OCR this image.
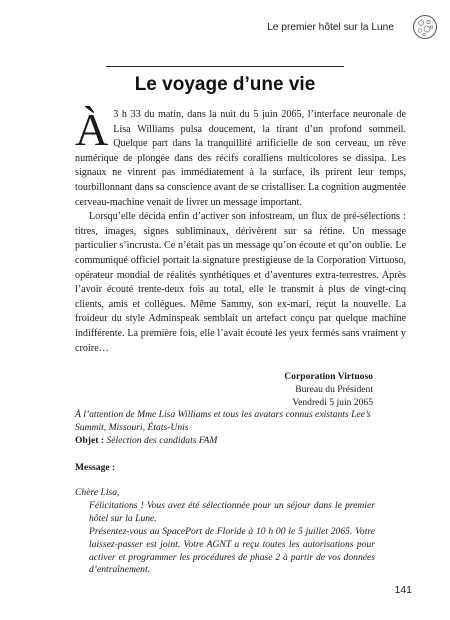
Le premier hôtel sur la Lune
Le voyage d’une vie

À 3 h 33 du matin, dans la nuit du 5 juin 2065, l’interface neuronale de Lisa Williams pulsa doucement, la tirant d’un profond sommeil. Quelque part dans la tranquillité artificielle de son cerveau, un rêve numérique de plongée dans des récifs coralliens multicolores se dissipa. Les signaux ne vinrent pas immédiatement à la surface, ils prirent leur temps, tourbillonnant dans sa conscience avant de se cristalliser. La cognition augmentée cerveau-machine venait de livrer un message important.

Lorsqu’elle décida enfin d’activer son infostream, un flux de pré-sélections : titres, images, signes subliminaux, dérivèrent sur sa rétine. Un message particulier s’incrusta. Ce n’était pas un message qu’on écoute et qu’on oublie. Le communiqué officiel portait la signature prestigieuse de la Corporation Virtuoso, opérateur mondial de réalités synthétiques et d’aventures extra-terrestres. Après l’avoir écouté trente-deux fois au total, elle le transmit à plus de vingt-cinq clients, amis et collègues. Même Sammy, son ex-mari, reçut la nouvelle. La froideur du style Adminspeak semblait un artefact conçu par quelque machine indifférente. La première fois, elle l’avait écouté les yeux fermés sans vraiment y croire…

Corporation Virtuoso
Bureau du Président
Vendredi 5 juin 2065
À l’attention de Mme Lisa Williams et tous les avatars connus existants Lee’s Summit, Missouri, États-Unis
Objet : Sélection des candidats FAM
Message :
Chère Lisa,

Félicitations ! Vous avez été sélectionnée pour un séjour dans le premier hôtel sur la Lune.

Présentez-vous au SpacePort de Floride à 10 h 00 le 5 juillet 2065. Votre laissez-passer est joint. Votre AGNT a reçu toutes les autorisations pour activer et programmer les procédures de phase 2 à partir de vos données d’entraînement.

141
